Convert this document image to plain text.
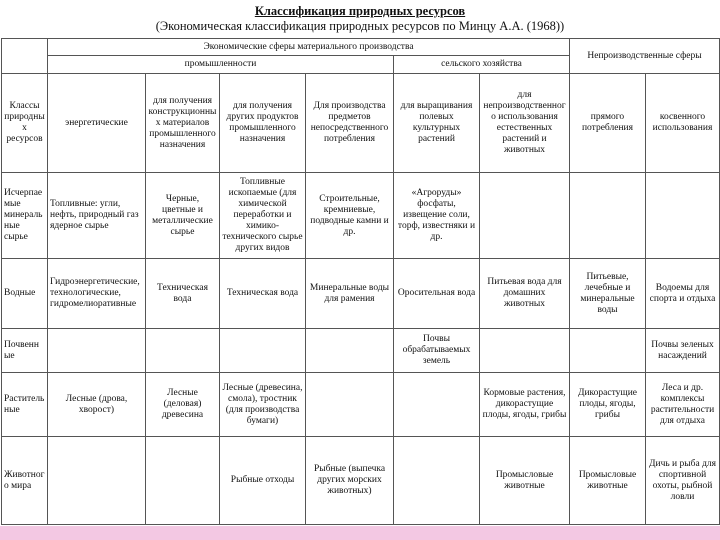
Классификация природных ресурсов
(Экономическая классификация природных ресурсов по Минцу А.А. (1968))
	Экономические сферы материального производства						Непроизводственные сферы	
	промышленности				сельского хозяйства			
Классы природных ресурсов	энергетические	для получения конструкционных материалов промышленного назначения	для получения других продуктов промышленного назначения	Для производства предметов непосредственного потребления	для выращивания полевых культурных растений	для непроизводственного использования естественных растений и животных	прямого потребления	косвенного использования
Исчерпаемые минеральные сырье	Топливные: угли, нефть, природный газ ядерное сырье	Черные, цветные и металлические сырье	Топливные ископаемые (для химической переработки и химико-технического сырье других видов	Строительные, кремниевые, подводные камни и др.	«Агроруды» фосфаты, извещение соли, торф, известняки и др.			
Водные	Гидроэнергетические, технологические, гидромелиоративные	Техническая вода	Техническая вода	Минеральные воды для рамения	Оросительная вода	Питьевая вода для домашних животных	Питьевые, лечебные и минеральные воды	Водоемы для спорта и отдыха
Почвенные					Почвы обрабатываемых земель			Почвы зеленых насаждений
Растительные	Лесные (дрова, хворост)	Лесные (деловая) древесина	Лесные (древесина, смола), тростник (для производства бумаги)			Кормовые растения, дикорастущие плоды, ягоды, грибы	Дикорастущие плоды, ягоды, грибы	Леса и др. комплексы растительности для отдыха
Животного мира			Рыбные отходы	Рыбные (выпечка других морских животных)		Промысловые животные	Промысловые животные	Дичь и рыба для спортивной охоты, рыбной ловли
